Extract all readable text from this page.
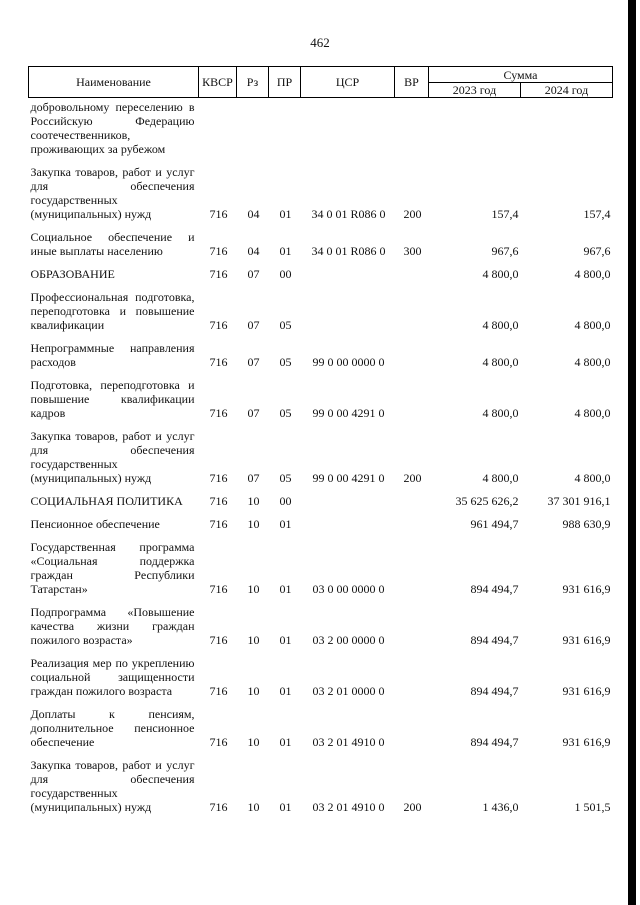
462
Наименование	КВСР	Рз	ПР	ЦСР	ВР	Сумма	
						2023 год	2024 год
добровольному переселению в Российскую Федерацию соотечественников, проживающих за рубежом							
Закупка товаров, работ и услуг для обеспечения государственных (муниципальных) нужд	716	04	01	34 0 01 R086 0	200	157,4	157,4
Социальное обеспечение и иные выплаты населению	716	04	01	34 0 01 R086 0	300	967,6	967,6
ОБРАЗОВАНИЕ	716	07	00			4 800,0	4 800,0
Профессиональная подготовка, переподготовка и повышение квалификации	716	07	05			4 800,0	4 800,0
Непрограммные направления расходов	716	07	05	99 0 00 0000 0		4 800,0	4 800,0
Подготовка, переподготовка и повышение квалификации кадров	716	07	05	99 0 00 4291 0		4 800,0	4 800,0
Закупка товаров, работ и услуг для обеспечения государственных (муниципальных) нужд	716	07	05	99 0 00 4291 0	200	4 800,0	4 800,0
СОЦИАЛЬНАЯ ПОЛИТИКА	716	10	00			35 625 626,2	37 301 916,1
Пенсионное обеспечение	716	10	01			961 494,7	988 630,9
Государственная программа «Социальная поддержка граждан Республики Татарстан»	716	10	01	03 0 00 0000 0		894 494,7	931 616,9
Подпрограмма «Повышение качества жизни граждан пожилого возраста»	716	10	01	03 2 00 0000 0		894 494,7	931 616,9
Реализация мер по укреплению социальной защищенности граждан пожилого возраста	716	10	01	03 2 01 0000 0		894 494,7	931 616,9
Доплаты к пенсиям, дополнительное пенсионное обеспечение	716	10	01	03 2 01 4910 0		894 494,7	931 616,9
Закупка товаров, работ и услуг для обеспечения государственных (муниципальных) нужд	716	10	01	03 2 01 4910 0	200	1 436,0	1 501,5
